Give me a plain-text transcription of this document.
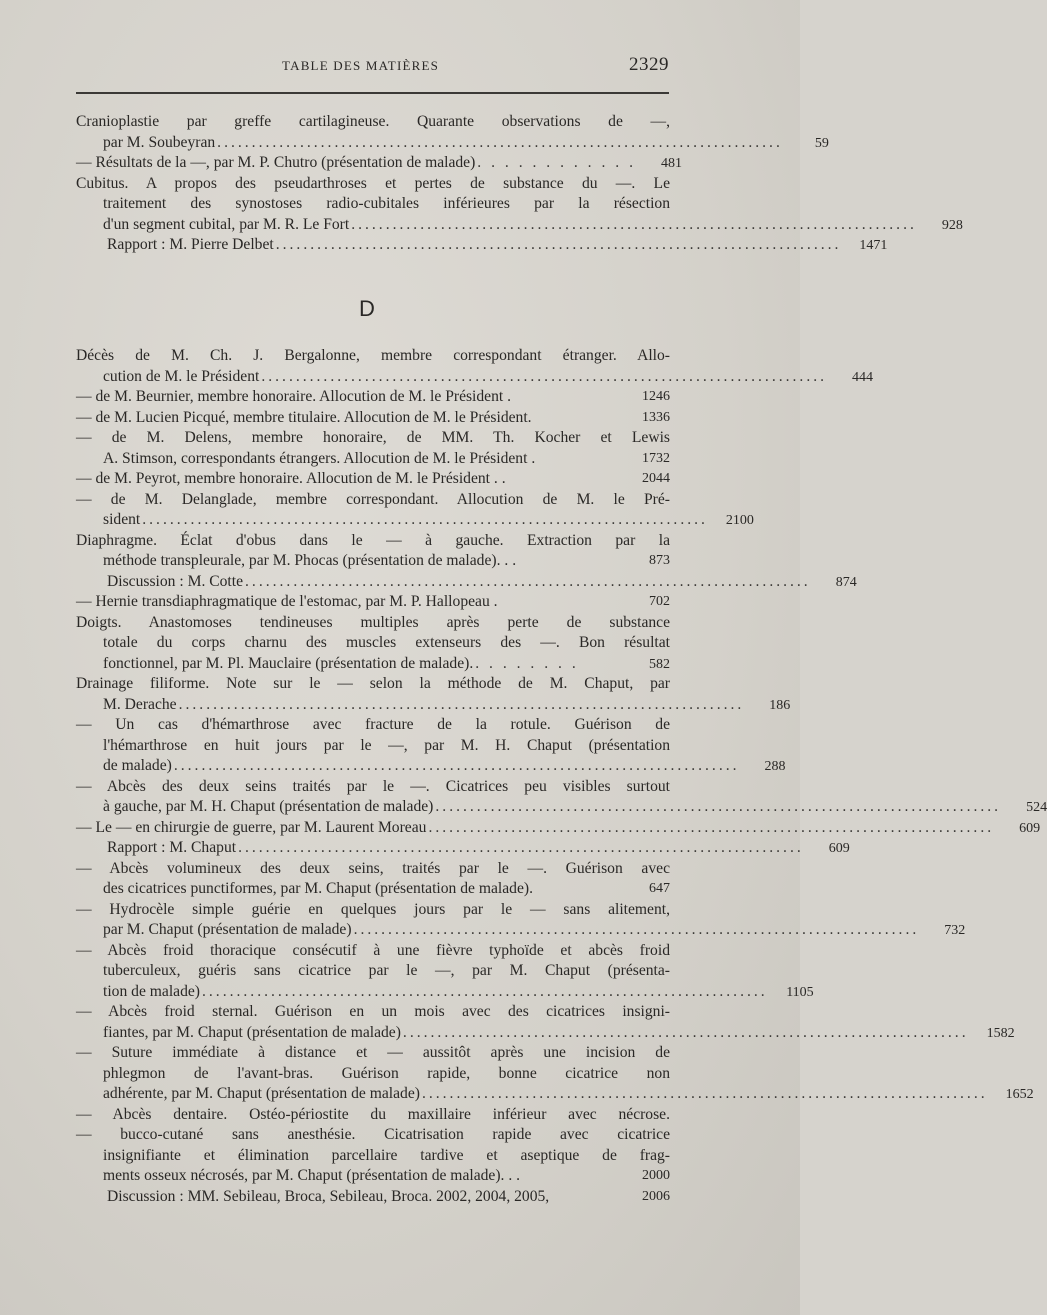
TABLE DES MATIÈRES	2329
Cranioplastie par greffe cartilagineuse. Quarante observations de —,
par M. Soubeyran ..................................................................................	59
— Résultats de la —, par M. P. Chutro (présentation de malade) . . . . . . . . . . . .	481
Cubitus. A propos des pseudarthroses et pertes de substance du —. Le
traitement des synostoses radio-cubitales inférieures par la résection
d'un segment cubital, par M. R. Le Fort ..................................................................................	928
Rapport : M. Pierre Delbet ..................................................................................	1471
D
Décès de M. Ch. J. Bergalonne, membre correspondant étranger. Allo-
cution de M. le Président ..................................................................................	444
— de M. Beurnier, membre honoraire. Allocution de M. le Président .	1246
— de M. Lucien Picqué, membre titulaire. Allocution de M. le Président.	1336
— de M. Delens, membre honoraire, de MM. Th. Kocher et Lewis
A. Stimson, correspondants étrangers. Allocution de M. le Président .	1732
— de M. Peyrot, membre honoraire. Allocution de M. le Président . .	2044
— de M. Delanglade, membre correspondant. Allocution de M. le Pré-
sident ..................................................................................	2100
Diaphragme. Éclat d'obus dans le — à gauche. Extraction par la
méthode transpleurale, par M. Phocas (présentation de malade). . .	873
Discussion : M. Cotte ..................................................................................	874
— Hernie transdiaphragmatique de l'estomac, par M. P. Hallopeau .	702
Doigts. Anastomoses tendineuses multiples après perte de substance
totale du corps charnu des muscles extenseurs des —. Bon résultat
fonctionnel, par M. Pl. Mauclaire (présentation de malade). . . . . . . . .	582
Drainage filiforme. Note sur le — selon la méthode de M. Chaput, par
M. Derache ..................................................................................	186
— Un cas d'hémarthrose avec fracture de la rotule. Guérison de
l'hémarthrose en huit jours par le —, par M. H. Chaput (présentation
de malade) ..................................................................................	288
— Abcès des deux seins traités par le —. Cicatrices peu visibles surtout
à gauche, par M. H. Chaput (présentation de malade) ..................................................................................	524
— Le — en chirurgie de guerre, par M. Laurent Moreau ..................................................................................	609
Rapport : M. Chaput ..................................................................................	609
— Abcès volumineux des deux seins, traités par le —. Guérison avec
des cicatrices punctiformes, par M. Chaput (présentation de malade).	647
— Hydrocèle simple guérie en quelques jours par le — sans alitement,
par M. Chaput (présentation de malade) ..................................................................................	732
— Abcès froid thoracique consécutif à une fièvre typhoïde et abcès froid
tuberculeux, guéris sans cicatrice par le —, par M. Chaput (présenta-
tion de malade) ..................................................................................	1105
— Abcès froid sternal. Guérison en un mois avec des cicatrices insigni-
fiantes, par M. Chaput (présentation de malade) ..................................................................................	1582
— Suture immédiate à distance et — aussitôt après une incision de
phlegmon de l'avant-bras. Guérison rapide, bonne cicatrice non
adhérente, par M. Chaput (présentation de malade) ..................................................................................	1652
— Abcès dentaire. Ostéo-périostite du maxillaire inférieur avec nécrose.
— bucco-cutané sans anesthésie. Cicatrisation rapide avec cicatrice
insignifiante et élimination parcellaire tardive et aseptique de frag-
ments osseux nécrosés, par M. Chaput (présentation de malade). . .	2000
Discussion : MM. Sebileau, Broca, Sebileau, Broca. 2002, 2004, 2005,	2006
